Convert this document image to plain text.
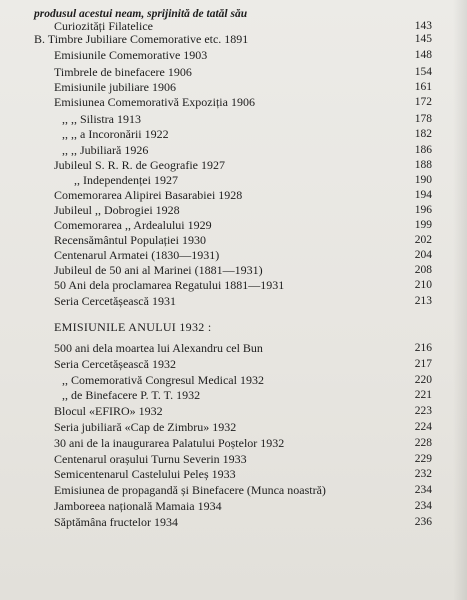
produsul acestui neam, sprijinită de tatăl său
Curiozități Filatelice	143
B. Timbre Jubiliare Comemorative etc. 1891	145
Emisiunile Comemorative 1903	148
Timbrele de binefacere 1906	154
Emisiunile jubiliare 1906	161
Emisiunea Comemorativă Expoziția 1906	172
,, ,, Silistra 1913	178
,, ,, a Incoronării 1922	182
,, ,, Jubiliară 1926	186
Jubileul S. R. R. de Geografie 1927	188
,, Independenței 1927	190
Comemorarea Alipirei Basarabiei 1928	194
Jubileul ,, Dobrogiei 1928	196
Comemorarea ,, Ardealului 1929	199
Recensământul Populației 1930	202
Centenarul Armatei (1830—1931)	204
Jubileul de 50 ani al Marinei (1881—1931)	208
50 Ani dela proclamarea Regatului 1881—1931	210
Seria Cercetășească 1931	213
500 ani dela moartea lui Alexandru cel Bun	216
Seria Cercetășească 1932	217
,, Comemorativă Congresul Medical 1932	220
,, de Binefacere P. T. T. 1932	221
Blocul «EFIRO» 1932	223
Seria jubiliară «Cap de Zimbru» 1932	224
30 ani de la inaugurarea Palatului Poștelor 1932	228
Centenarul orașului Turnu Severin 1933	229
Semicentenarul Castelului Peleș 1933	232
Emisiunea de propagandă și Binefacere (Munca noastră)	234
Jamboreea națională Mamaia 1934	234
Săptămâna fructelor 1934	236
EMISIUNILE ANULUI 1932 :
